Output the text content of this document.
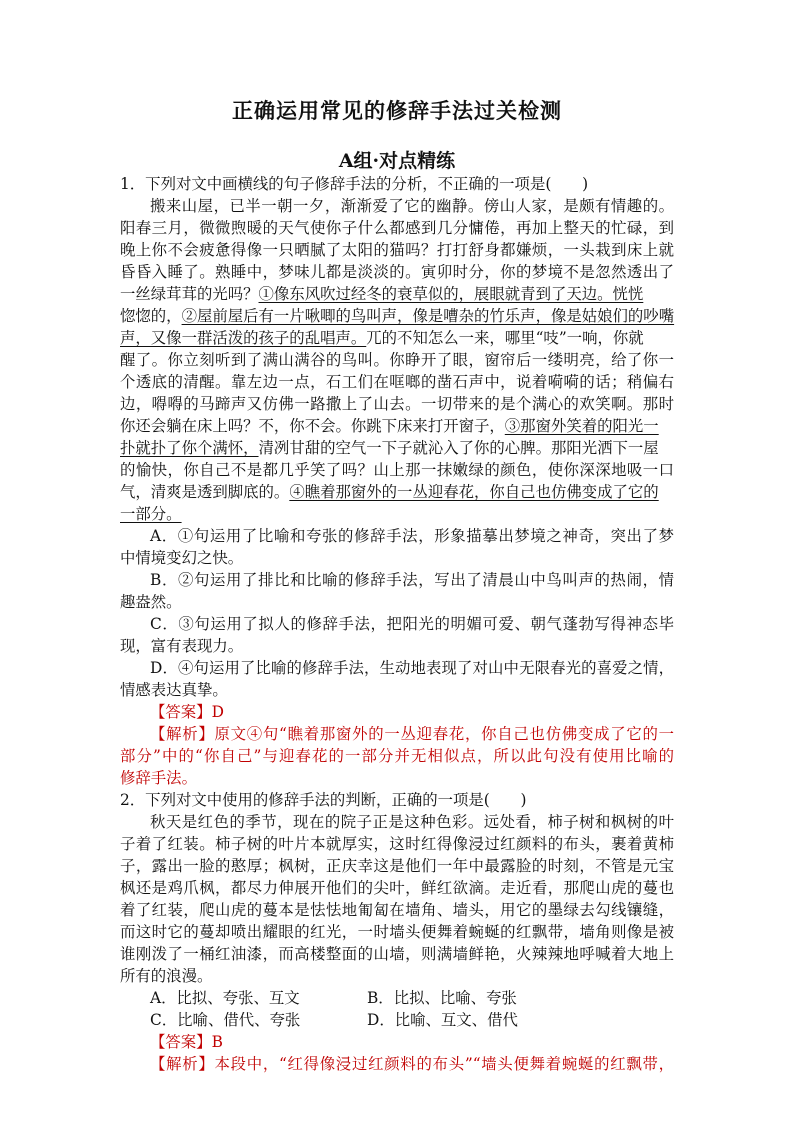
正确运用常见的修辞手法过关检测
A组·对点精练
1．下列对文中画横线的句子修辞手法的分析，不正确的一项是(　　)
搬来山屋，已半一朝一夕，渐渐爱了它的幽静。傍山人家，是颇有情趣的。
阳春三月，微微煦暖的天气使你子什么都感到几分慵倦，再加上整天的忙碌，到
晚上你不会疲惫得像一只晒腻了太阳的猫吗？打打舒身都嫌烦，一头栽到床上就
昏昏入睡了。熟睡中，梦味儿都是淡淡的。寅卯时分，你的梦境不是忽然透出了
一丝绿茸茸的光吗？①像东风吹过经冬的衰草似的，展眼就青到了天边。恍恍
惚惚的，②屋前屋后有一片啾唧的鸟叫声，像是嘈杂的竹乐声，像是姑娘们的吵嘴
声，又像一群活泼的孩子的乱唱声。兀的不知怎么一来，哪里“吱”一响，你就
醒了。你立刻听到了满山满谷的鸟叫。你睁开了眼，窗帘后一缕明亮，给了你一
个透底的清醒。靠左边一点，石工们在哐啷的凿石声中，说着嗬嗬的话；稍偏右
边，嘚嘚的马蹄声又仿佛一路撒上了山去。一切带来的是个满心的欢笑啊。那时
你还会躺在床上吗？不，你不会。你跳下床来打开窗子，③那窗外笑着的阳光一
扑就扑了你个满怀，清冽甘甜的空气一下子就沁入了你的心脾。那阳光洒下一屋
的愉快，你自己不是都几乎笑了吗？山上那一抹嫩绿的颜色，使你深深地吸一口
气，清爽是透到脚底的。④瞧着那窗外的一丛迎春花，你自己也仿佛变成了它的
一部分。
A．①句运用了比喻和夸张的修辞手法，形象描摹出梦境之神奇，突出了梦
中情境变幻之快。
B．②句运用了排比和比喻的修辞手法，写出了清晨山中鸟叫声的热闹，情
趣盎然。
C．③句运用了拟人的修辞手法，把阳光的明媚可爱、朝气蓬勃写得神态毕
现，富有表现力。
D．④句运用了比喻的修辞手法，生动地表现了对山中无限春光的喜爱之情，
情感表达真挚。
【答案】D
【解析】原文④句“瞧着那窗外的一丛迎春花，你自己也仿佛变成了它的一
部分”中的“你自己”与迎春花的一部分并无相似点，所以此句没有使用比喻的
修辞手法。
2．下列对文中使用的修辞手法的判断，正确的一项是(　　)
秋天是红色的季节，现在的院子正是这种色彩。远处看，柿子树和枫树的叶
子着了红装。柿子树的叶片本就厚实，这时红得像浸过红颜料的布头，裹着黄柿
子，露出一脸的憨厚；枫树，正庆幸这是他们一年中最露脸的时刻，不管是元宝
枫还是鸡爪枫，都尽力伸展开他们的尖叶，鲜红欲滴。走近看，那爬山虎的蔓也
着了红装，爬山虎的蔓本是怯怯地匍匐在墙角、墙头，用它的墨绿去勾线镶缝，
而这时它的蔓却喷出耀眼的红光，一时墙头便舞着蜿蜒的红飘带，墙角则像是被
谁刚泼了一桶红油漆，而高楼整面的山墙，则满墙鲜艳，火辣辣地呼喊着大地上
所有的浪漫。
A．比拟、夸张、互文	B．比拟、比喻、夸张
C．比喻、借代、夸张	D．比喻、互文、借代
【答案】B
【解析】本段中，“红得像浸过红颜料的布头”“墙头便舞着蜿蜒的红飘带，
